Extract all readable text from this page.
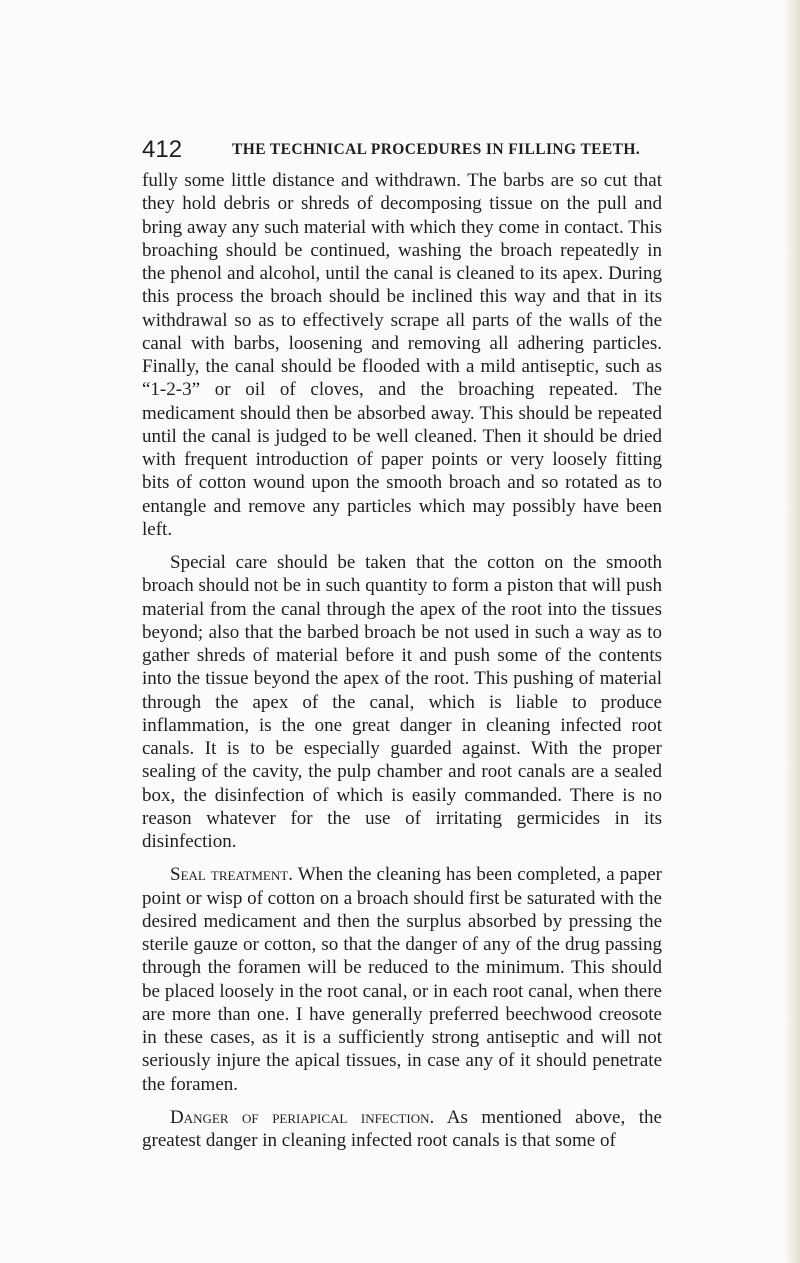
412	THE TECHNICAL PROCEDURES IN FILLING TEETH.

fully some little distance and withdrawn. The barbs are so cut that they hold debris or shreds of decomposing tissue on the pull and bring away any such material with which they come in contact. This broaching should be continued, washing the broach repeatedly in the phenol and alcohol, until the canal is cleaned to its apex. During this process the broach should be inclined this way and that in its withdrawal so as to effectively scrape all parts of the walls of the canal with barbs, loosening and removing all adhering particles. Finally, the canal should be flooded with a mild antiseptic, such as “1-2-3” or oil of cloves, and the broaching repeated. The medicament should then be absorbed away. This should be repeated until the canal is judged to be well cleaned. Then it should be dried with frequent introduction of paper points or very loosely fitting bits of cotton wound upon the smooth broach and so rotated as to entangle and remove any particles which may possibly have been left.

Special care should be taken that the cotton on the smooth broach should not be in such quantity to form a piston that will push material from the canal through the apex of the root into the tissues beyond; also that the barbed broach be not used in such a way as to gather shreds of material before it and push some of the contents into the tissue beyond the apex of the root. This pushing of material through the apex of the canal, which is liable to produce inflammation, is the one great danger in cleaning infected root canals. It is to be especially guarded against. With the proper sealing of the cavity, the pulp chamber and root canals are a sealed box, the disinfection of which is easily commanded. There is no reason whatever for the use of irritating germicides in its disinfection.

Seal treatment. When the cleaning has been completed, a paper point or wisp of cotton on a broach should first be saturated with the desired medicament and then the surplus absorbed by pressing the sterile gauze or cotton, so that the danger of any of the drug passing through the foramen will be reduced to the minimum. This should be placed loosely in the root canal, or in each root canal, when there are more than one. I have generally preferred beechwood creosote in these cases, as it is a sufficiently strong antiseptic and will not seriously injure the apical tissues, in case any of it should penetrate the foramen.

Danger of periapical infection. As mentioned above, the greatest danger in cleaning infected root canals is that some of
